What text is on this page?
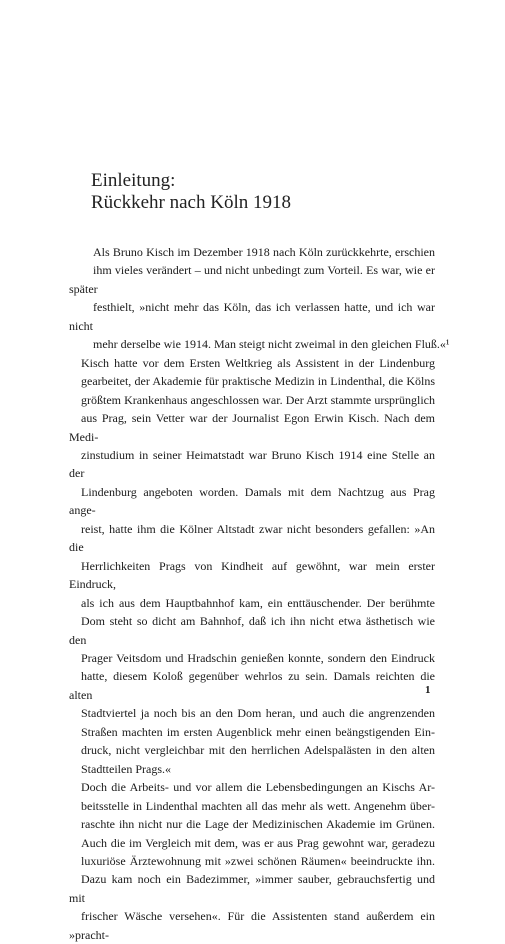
Einleitung:
Rückkehr nach Köln 1918

Als Bruno Kisch im Dezember 1918 nach Köln zurückkehrte, erschien
ihm vieles verändert – und nicht unbedingt zum Vorteil. Es war, wie er später
festhielt, »nicht mehr das Köln, das ich verlassen hatte, und ich war nicht
mehr derselbe wie 1914. Man steigt nicht zweimal in den gleichen Fluß.«¹

Kisch hatte vor dem Ersten Weltkrieg als Assistent in der Lindenburg
gearbeitet, der Akademie für praktische Medizin in Lindenthal, die Kölns
größtem Krankenhaus angeschlossen war. Der Arzt stammte ursprünglich
aus Prag, sein Vetter war der Journalist Egon Erwin Kisch. Nach dem Medi-
zinstudium in seiner Heimatstadt war Bruno Kisch 1914 eine Stelle an der
Lindenburg angeboten worden. Damals mit dem Nachtzug aus Prag ange-
reist, hatte ihm die Kölner Altstadt zwar nicht besonders gefallen: »An die
Herrlichkeiten Prags von Kindheit auf gewöhnt, war mein erster Eindruck,
als ich aus dem Hauptbahnhof kam, ein enttäuschender. Der berühmte
Dom steht so dicht am Bahnhof, daß ich ihn nicht etwa ästhetisch wie den
Prager Veitsdom und Hradschin genießen konnte, sondern den Eindruck
hatte, diesem Koloß gegenüber wehrlos zu sein. Damals reichten die alten
Stadtviertel ja noch bis an den Dom heran, und auch die angrenzenden
Straßen machten im ersten Augenblick mehr einen beängstigenden Ein-
druck, nicht vergleichbar mit den herrlichen Adelspalästen in den alten
Stadtteilen Prags.«

Doch die Arbeits- und vor allem die Lebensbedingungen an Kischs Ar-
beitsstelle in Lindenthal machten all das mehr als wett. Angenehm über-
raschte ihn nicht nur die Lage der Medizinischen Akademie im Grünen.
Auch die im Vergleich mit dem, was er aus Prag gewohnt war, geradezu
luxuriöse Ärztewohnung mit »zwei schönen Räumen« beeindruckte ihn.
Dazu kam noch ein Badezimmer, »immer sauber, gebrauchsfertig und mit
frischer Wäsche versehen«. Für die Assistenten stand außerdem ein »pracht-

1
